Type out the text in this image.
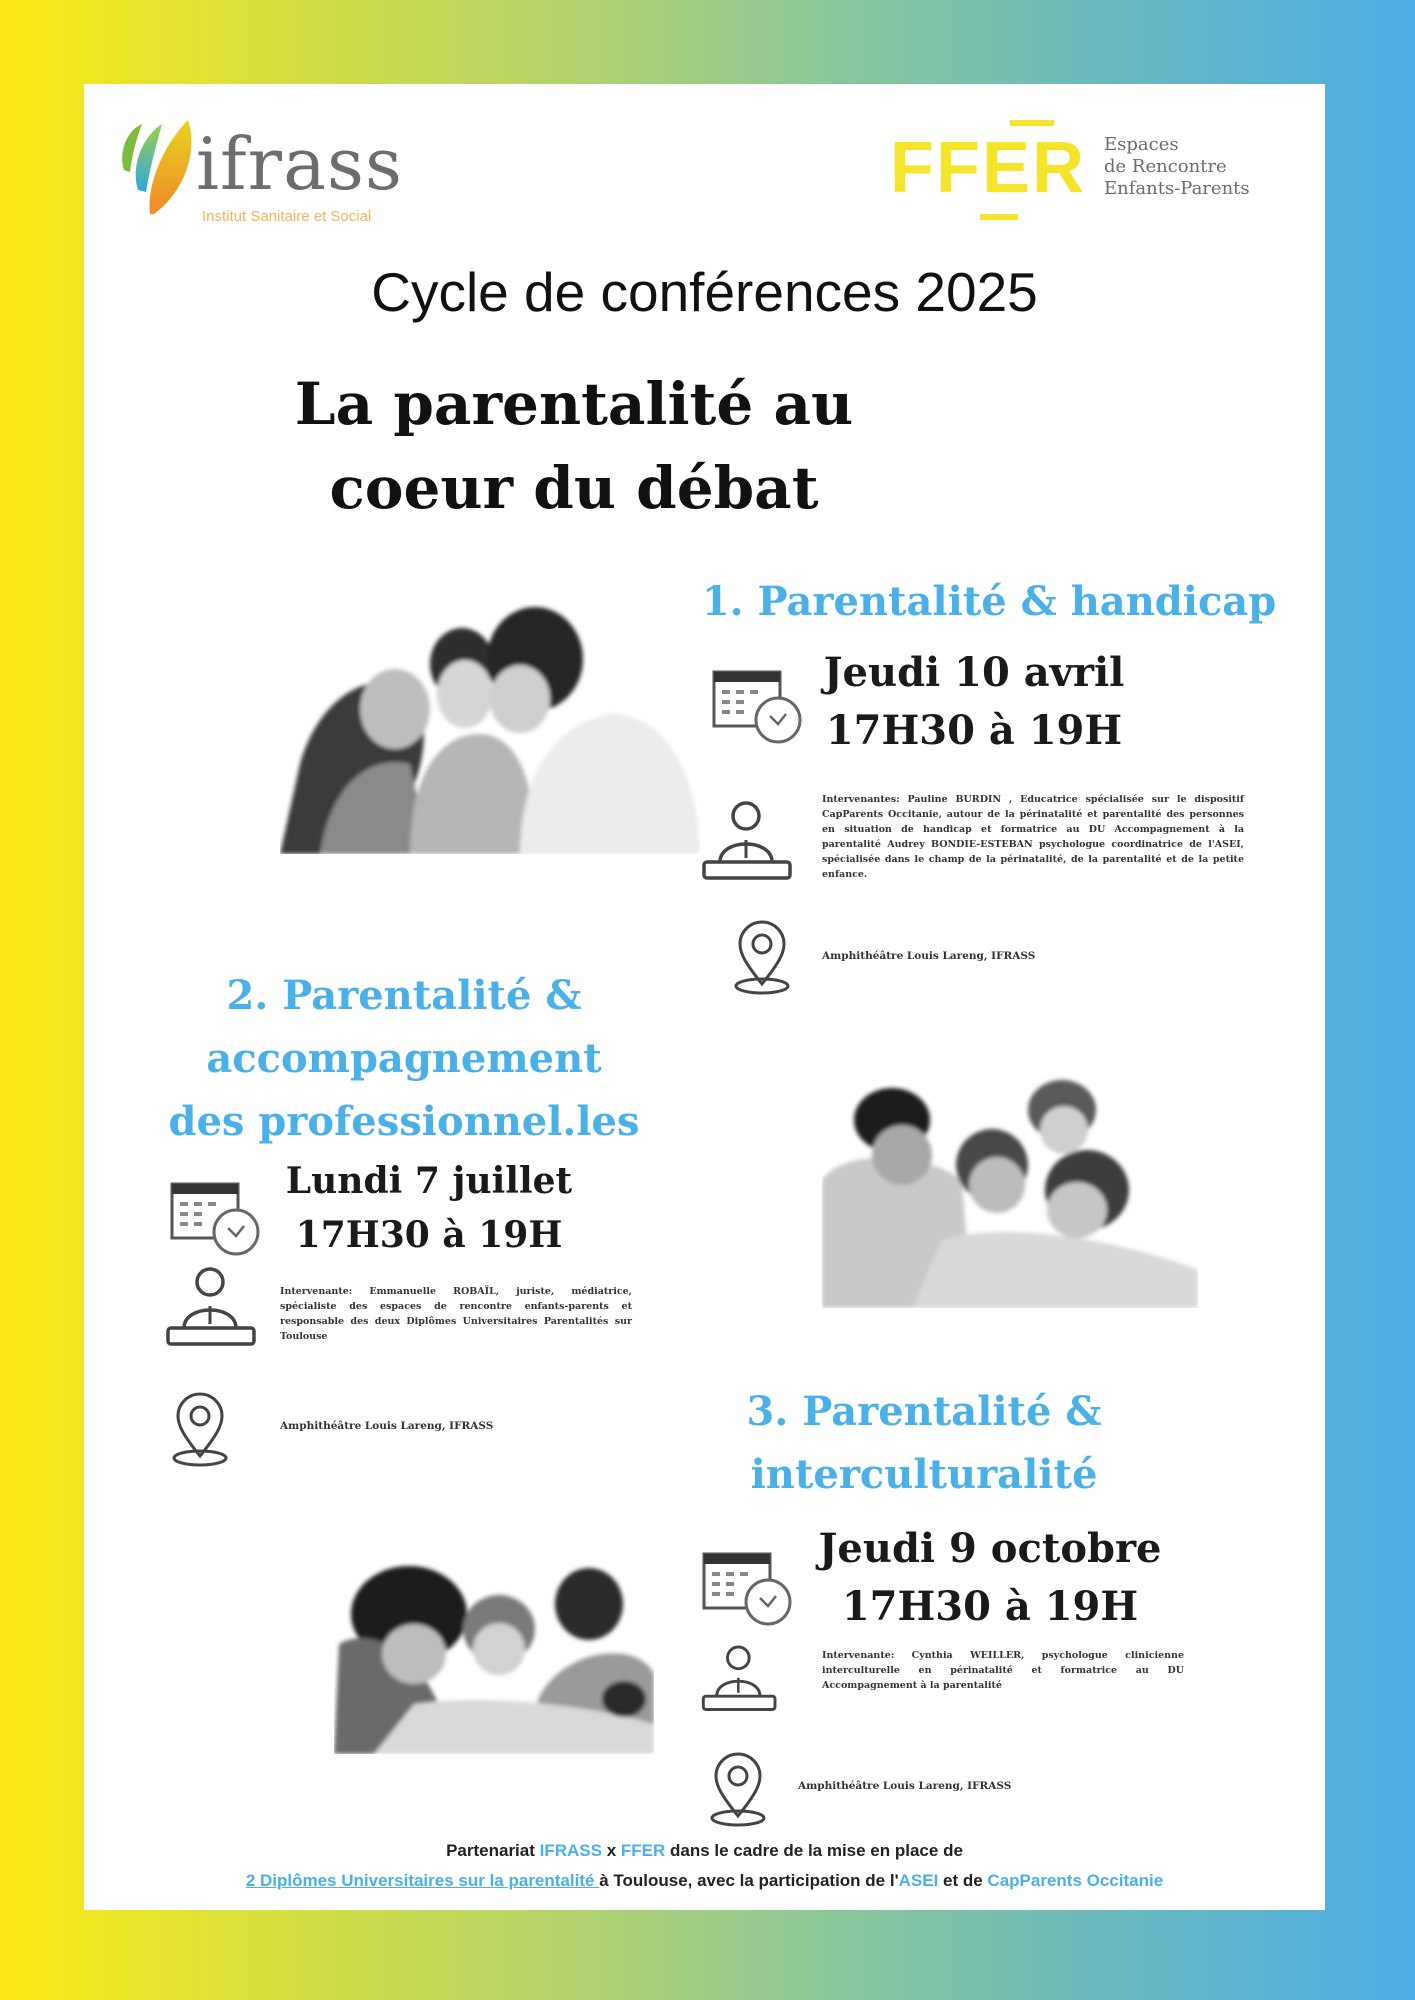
ifrass
Institut Sanitaire et Social
FFER Espaces
de Rencontre
Enfants-Parents
Cycle de conférences 2025
La parentalité au coeur du débat
1. Parentalité & handicap
Jeudi 10 avril
17H30 à 19H
Intervenantes: Pauline BURDIN , Educatrice spécialisée sur le dispositif CapParents Occitanie, autour de la périnatalité et parentalité des personnes en situation de handicap et formatrice au DU Accompagnement à la parentalité Audrey BONDIE-ESTEBAN psychologue coordinatrice de l'ASEI, spécialisée dans le champ de la périnatalité, de la parentalité et de la petite enfance.
Amphithéâtre Louis Lareng, IFRASS
2. Parentalité & accompagnement des professionnel.les
Lundi 7 juillet
17H30 à 19H
Intervenante: Emmanuelle ROBAÏL, juriste, médiatrice, spécialiste des espaces de rencontre enfants-parents et responsable des deux Diplômes Universitaires Parentalités sur Toulouse
Amphithéâtre Louis Lareng, IFRASS	3. Parentalité & interculturalité
Jeudi 9 octobre
17H30 à 19H
Intervenante: Cynthia WEILLER, psychologue clinicienne interculturelle en périnatalité et formatrice au DU Accompagnement à la parentalité
Amphithéâtre Louis Lareng, IFRASS
Partenariat IFRASS x FFER dans le cadre de la mise en place de
2 Diplômes Universitaires sur la parentalité à Toulouse, avec la participation de l'ASEI et de CapParents Occitanie
